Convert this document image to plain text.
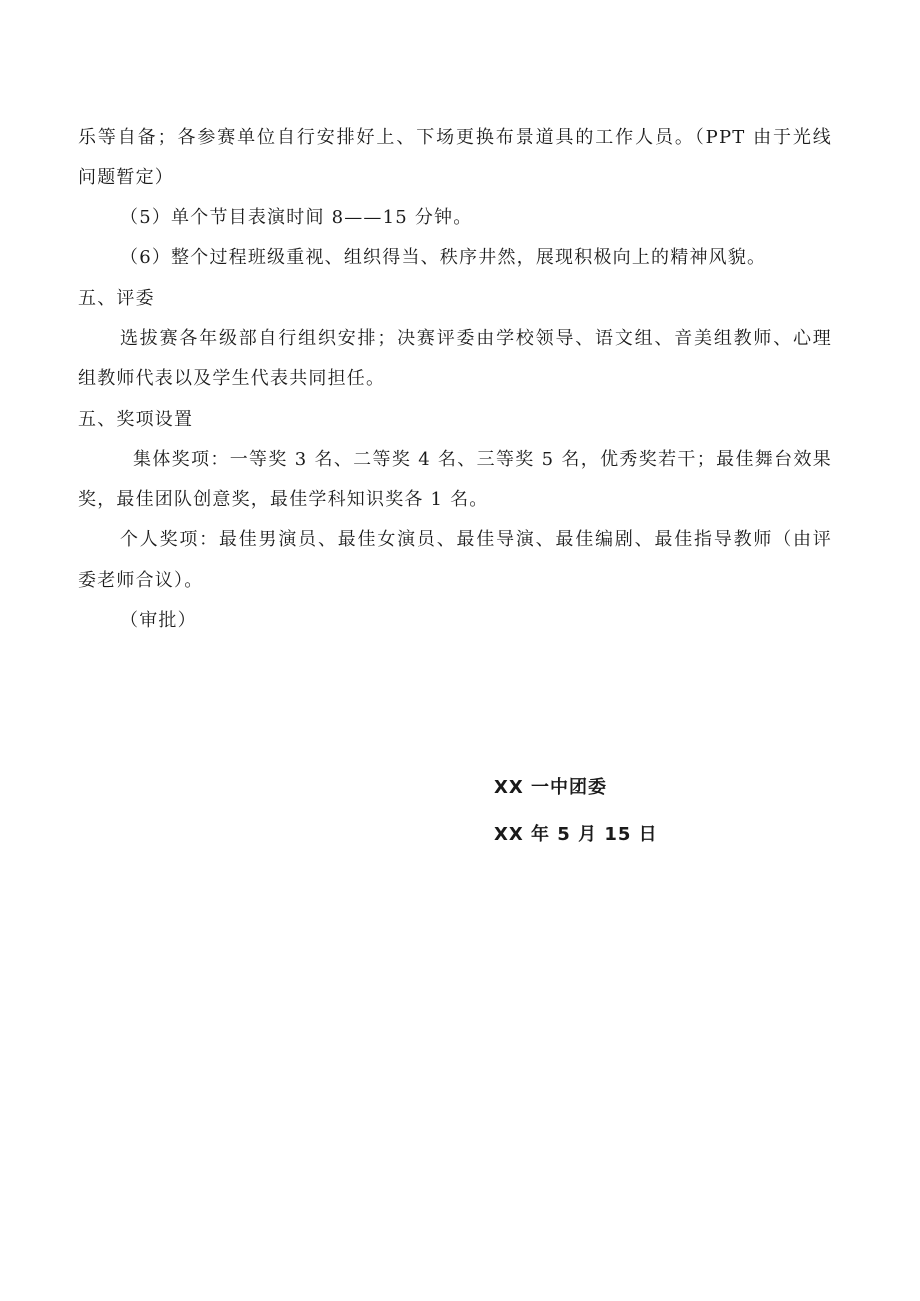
乐等自备；各参赛单位自行安排好上、下场更换布景道具的工作人员。（PPT 由于光线
问题暂定）
（5）单个节目表演时间 8——15 分钟。
（6）整个过程班级重视、组织得当、秩序井然，展现积极向上的精神风貌。
五、评委
选拔赛各年级部自行组织安排；决赛评委由学校领导、语文组、音美组教师、心理
组教师代表以及学生代表共同担任。
五、奖项设置
集体奖项：一等奖 3 名、二等奖 4 名、三等奖 5 名，优秀奖若干；最佳舞台效果
奖，最佳团队创意奖，最佳学科知识奖各 1 名。
个人奖项：最佳男演员、最佳女演员、最佳导演、最佳编剧、最佳指导教师（由评
委老师合议）。
（审批）
XX 一中团委
XX 年 5 月 15 日
